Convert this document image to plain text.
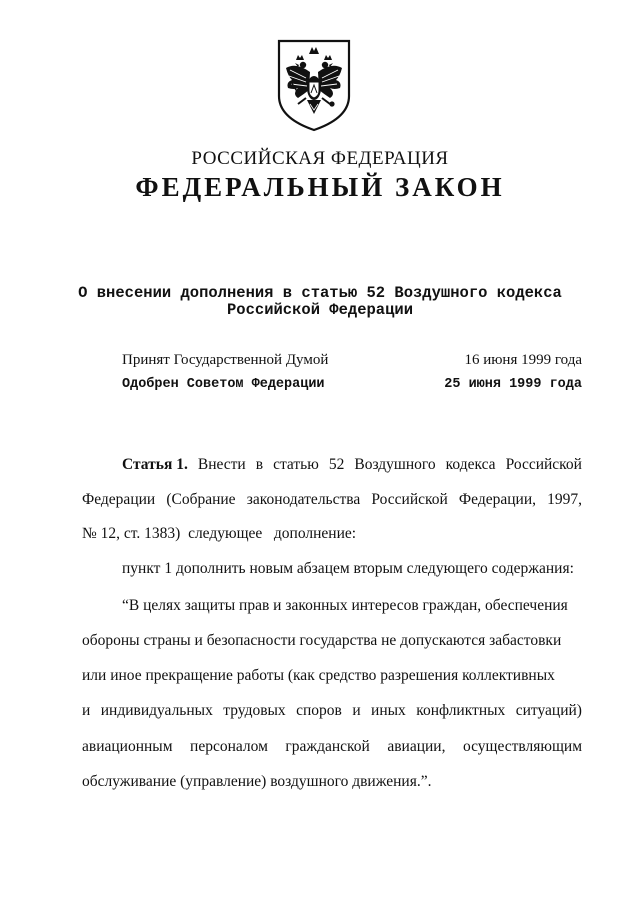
РОССИЙСКАЯ ФЕДЕРАЦИЯ
ФЕДЕРАЛЬНЫЙ ЗАКОН
О внесении дополнения в статью 52 Воздушного кодекса
Российской Федерации
Принят Государственной Думой	16 июня 1999 года
Одобрен Советом Федерации	25 июня 1999 года
Статья 1. Внести в статью 52 Воздушного кодекса Российской
Федерации (Собрание законодательства Российской Федерации, 1997,
№ 12, ст. 1383)  следующее   дополнение:
пункт 1 дополнить новым абзацем вторым следующего содержания:
“В целях защиты прав и законных интересов граждан, обеспечения
обороны страны и безопасности государства не допускаются забастовки
или иное прекращение работы (как средство разрешения коллективных
и индивидуальных трудовых споров и иных конфликтных ситуаций)
авиационным персоналом гражданской авиации, осуществляющим
обслуживание (управление) воздушного движения.”.
